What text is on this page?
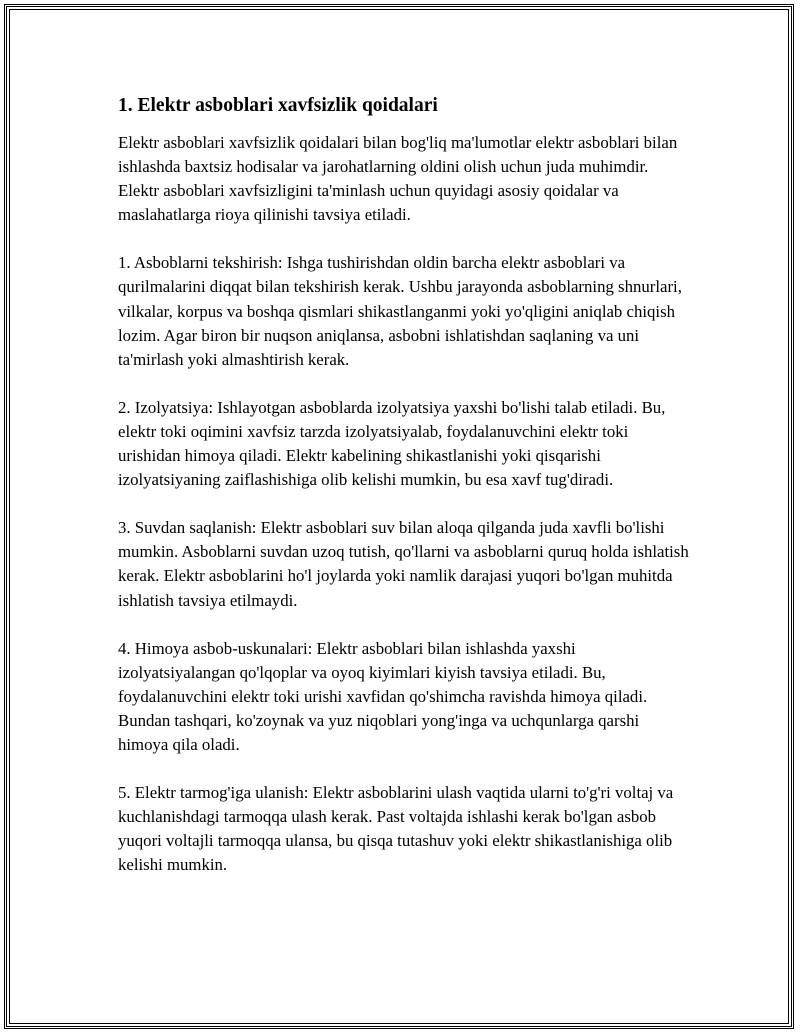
1. Elektr asboblari xavfsizlik qoidalari

Elektr asboblari xavfsizlik qoidalari bilan bog'liq ma'lumotlar elektr asboblari bilan ishlashda baxtsiz hodisalar va jarohatlarning oldini olish uchun juda muhimdir. Elektr asboblari xavfsizligini ta'minlash uchun quyidagi asosiy qoidalar va maslahatlarga rioya qilinishi tavsiya etiladi.

1. Asboblarni tekshirish: Ishga tushirishdan oldin barcha elektr asboblari va qurilmalarini diqqat bilan tekshirish kerak. Ushbu jarayonda asboblarning shnurlari, vilkalar, korpus va boshqa qismlari shikastlanganmi yoki yo'qligini aniqlab chiqish lozim. Agar biron bir nuqson aniqlansa, asbobni ishlatishdan saqlaning va uni ta'mirlash yoki almashtirish kerak.

2. Izolyatsiya: Ishlayotgan asboblarda izolyatsiya yaxshi bo'lishi talab etiladi. Bu, elektr toki oqimini xavfsiz tarzda izolyatsiyalab, foydalanuvchini elektr toki urishidan himoya qiladi. Elektr kabelining shikastlanishi yoki qisqarishi izolyatsiyaning zaiflashishiga olib kelishi mumkin, bu esa xavf tug'diradi.

3. Suvdan saqlanish: Elektr asboblari suv bilan aloqa qilganda juda xavfli bo'lishi mumkin. Asboblarni suvdan uzoq tutish, qo'llarni va asboblarni quruq holda ishlatish kerak. Elektr asboblarini ho'l joylarda yoki namlik darajasi yuqori bo'lgan muhitda ishlatish tavsiya etilmaydi.

4. Himoya asbob-uskunalari: Elektr asboblari bilan ishlashda yaxshi izolyatsiyalangan qo'lqoplar va oyoq kiyimlari kiyish tavsiya etiladi. Bu, foydalanuvchini elektr toki urishi xavfidan qo'shimcha ravishda himoya qiladi. Bundan tashqari, ko'zoynak va yuz niqoblari yong'inga va uchqunlarga qarshi himoya qila oladi.

5. Elektr tarmog'iga ulanish: Elektr asboblarini ulash vaqtida ularni to'g'ri voltaj va kuchlanishdagi tarmoqqa ulash kerak. Past voltajda ishlashi kerak bo'lgan asbob yuqori voltajli tarmoqqa ulansa, bu qisqa tutashuv yoki elektr shikastlanishiga olib kelishi mumkin.
